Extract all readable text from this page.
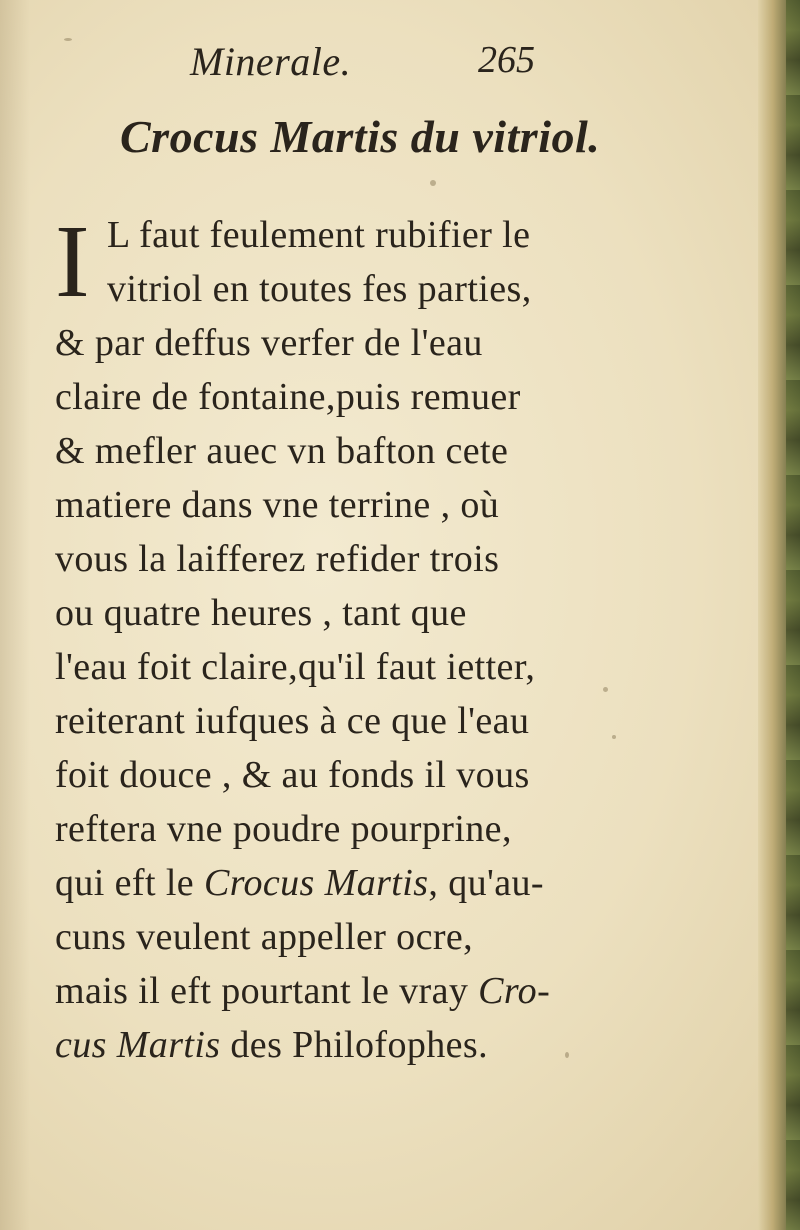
Minerale.	265
Crocus Martis du vitriol.
I L faut feulement rubifier le
vitriol en toutes fes parties,
& par deffus verfer de l'eau
claire de fontaine,puis remuer
& mefler auec vn bafton cete
matiere dans vne terrine , où
vous la laifferez refider trois
ou quatre heures , tant que
l'eau foit claire,qu'il faut ietter,
reiterant iufques à ce que l'eau
foit douce , & au fonds il vous
reftera vne poudre pourprine,
qui eft le Crocus Martis, qu'au-
cuns veulent appeller ocre,
mais il eft pourtant le vray Cro-
cus Martis des Philofophes.
